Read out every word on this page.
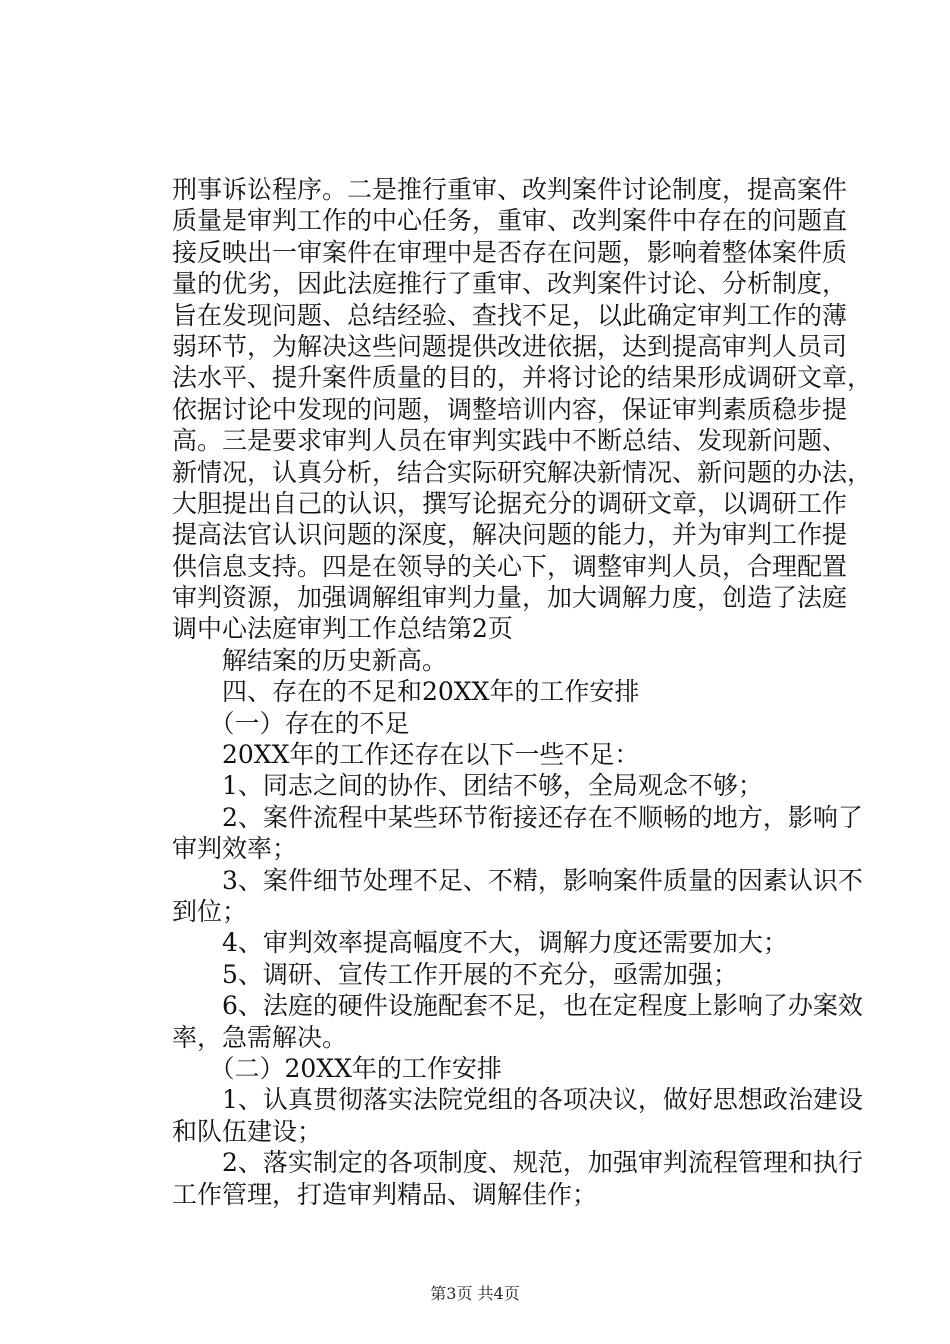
刑事诉讼程序。二是推行重审、改判案件讨论制度，提高案件
质量是审判工作的中心任务，重审、改判案件中存在的问题直
接反映出一审案件在审理中是否存在问题，影响着整体案件质
量的优劣，因此法庭推行了重审、改判案件讨论、分析制度，
旨在发现问题、总结经验、查找不足，以此确定审判工作的薄
弱环节，为解决这些问题提供改进依据，达到提高审判人员司
法水平、提升案件质量的目的，并将讨论的结果形成调研文章，
依据讨论中发现的问题，调整培训内容，保证审判素质稳步提
高。三是要求审判人员在审判实践中不断总结、发现新问题、
新情况，认真分析，结合实际研究解决新情况、新问题的办法，
大胆提出自己的认识，撰写论据充分的调研文章，以调研工作
提高法官认识问题的深度，解决问题的能力，并为审判工作提
供信息支持。四是在领导的关心下，调整审判人员，合理配置
审判资源，加强调解组审判力量，加大调解力度，创造了法庭
调中心法庭审判工作总结第2页
　　解结案的历史新高。
　　四、存在的不足和20XX年的工作安排
　　（一）存在的不足
　　20XX年的工作还存在以下一些不足：
　　1、同志之间的协作、团结不够，全局观念不够；
　　2、案件流程中某些环节衔接还存在不顺畅的地方，影响了
审判效率；
　　3、案件细节处理不足、不精，影响案件质量的因素认识不
到位；
　　4、审判效率提高幅度不大，调解力度还需要加大；
　　5、调研、宣传工作开展的不充分，亟需加强；
　　6、法庭的硬件设施配套不足，也在定程度上影响了办案效
率，急需解决。
　　（二）20XX年的工作安排
　　1、认真贯彻落实法院党组的各项决议，做好思想政治建设
和队伍建设；
　　2、落实制定的各项制度、规范，加强审判流程管理和执行
工作管理，打造审判精品、调解佳作；
第3页 共4页
